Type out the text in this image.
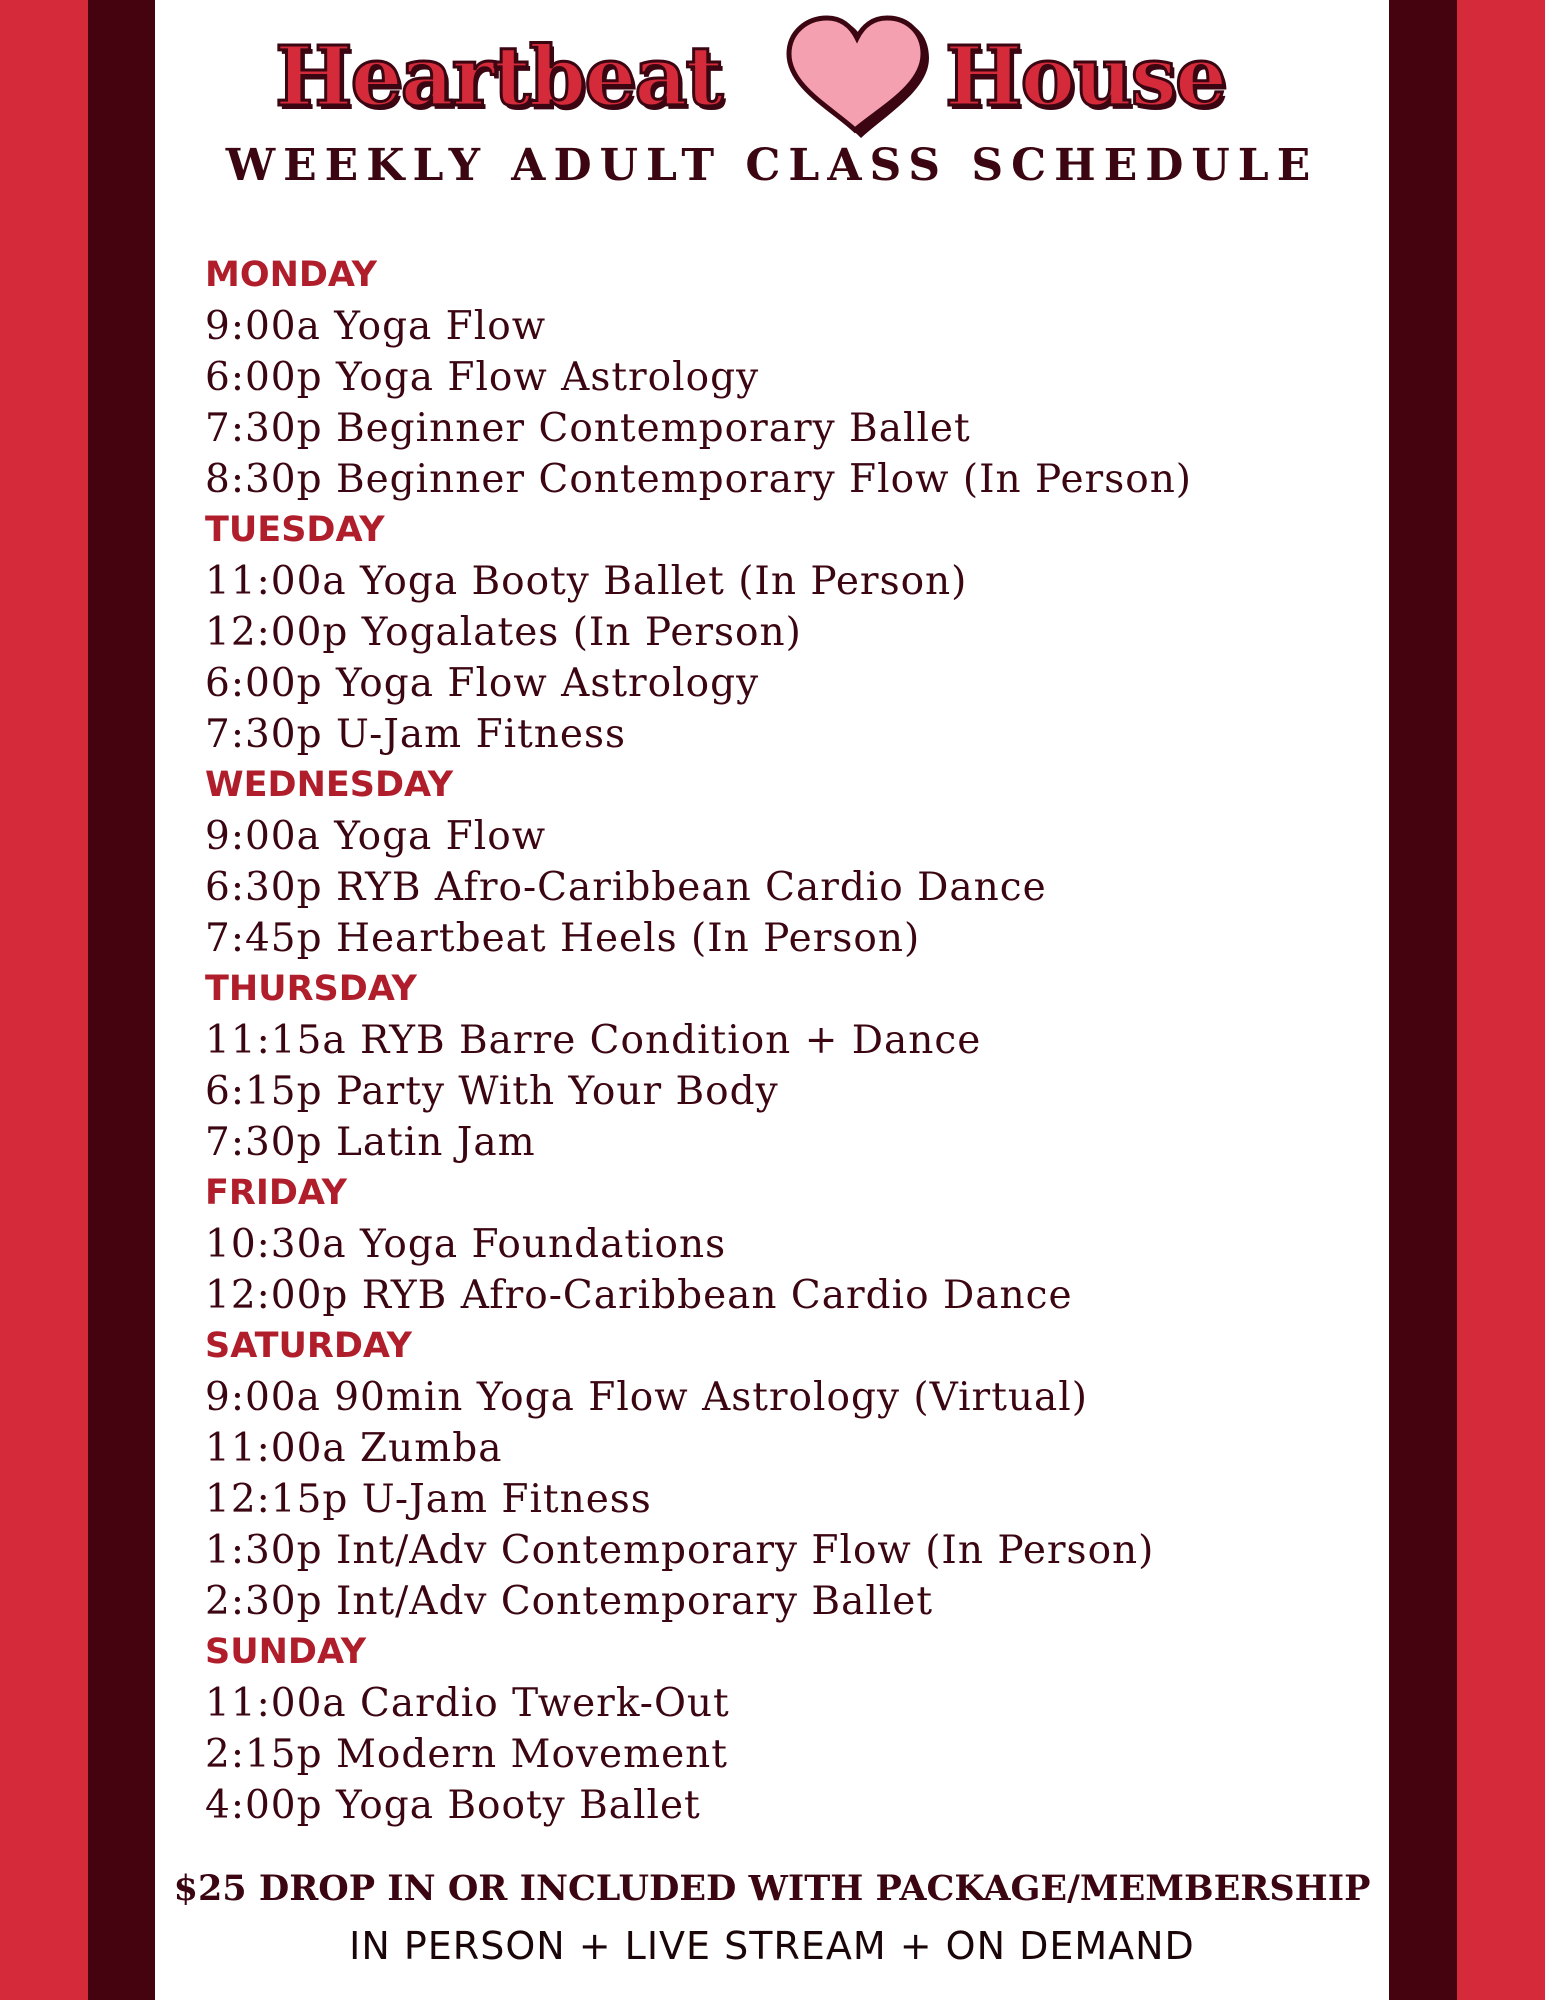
Heartbeat	House
WEEKLY ADULT CLASS SCHEDULE
MONDAY
9:00a Yoga Flow
6:00p Yoga Flow Astrology
7:30p Beginner Contemporary Ballet
8:30p Beginner Contemporary Flow (In Person)
TUESDAY
11:00a Yoga Booty Ballet (In Person)
12:00p Yogalates (In Person)
6:00p Yoga Flow Astrology
7:30p U-Jam Fitness
WEDNESDAY
9:00a Yoga Flow
6:30p RYB Afro-Caribbean Cardio Dance
7:45p Heartbeat Heels (In Person)
THURSDAY
11:15a RYB Barre Condition + Dance
6:15p Party With Your Body
7:30p Latin Jam
FRIDAY
10:30a Yoga Foundations
12:00p RYB Afro-Caribbean Cardio Dance
SATURDAY
9:00a 90min Yoga Flow Astrology (Virtual)
11:00a Zumba
12:15p U-Jam Fitness
1:30p Int/Adv Contemporary Flow (In Person)
2:30p Int/Adv Contemporary Ballet
SUNDAY
11:00a Cardio Twerk-Out
2:15p Modern Movement
4:00p Yoga Booty Ballet
$25 DROP IN OR INCLUDED WITH PACKAGE/MEMBERSHIP
IN PERSON + LIVE STREAM + ON DEMAND
